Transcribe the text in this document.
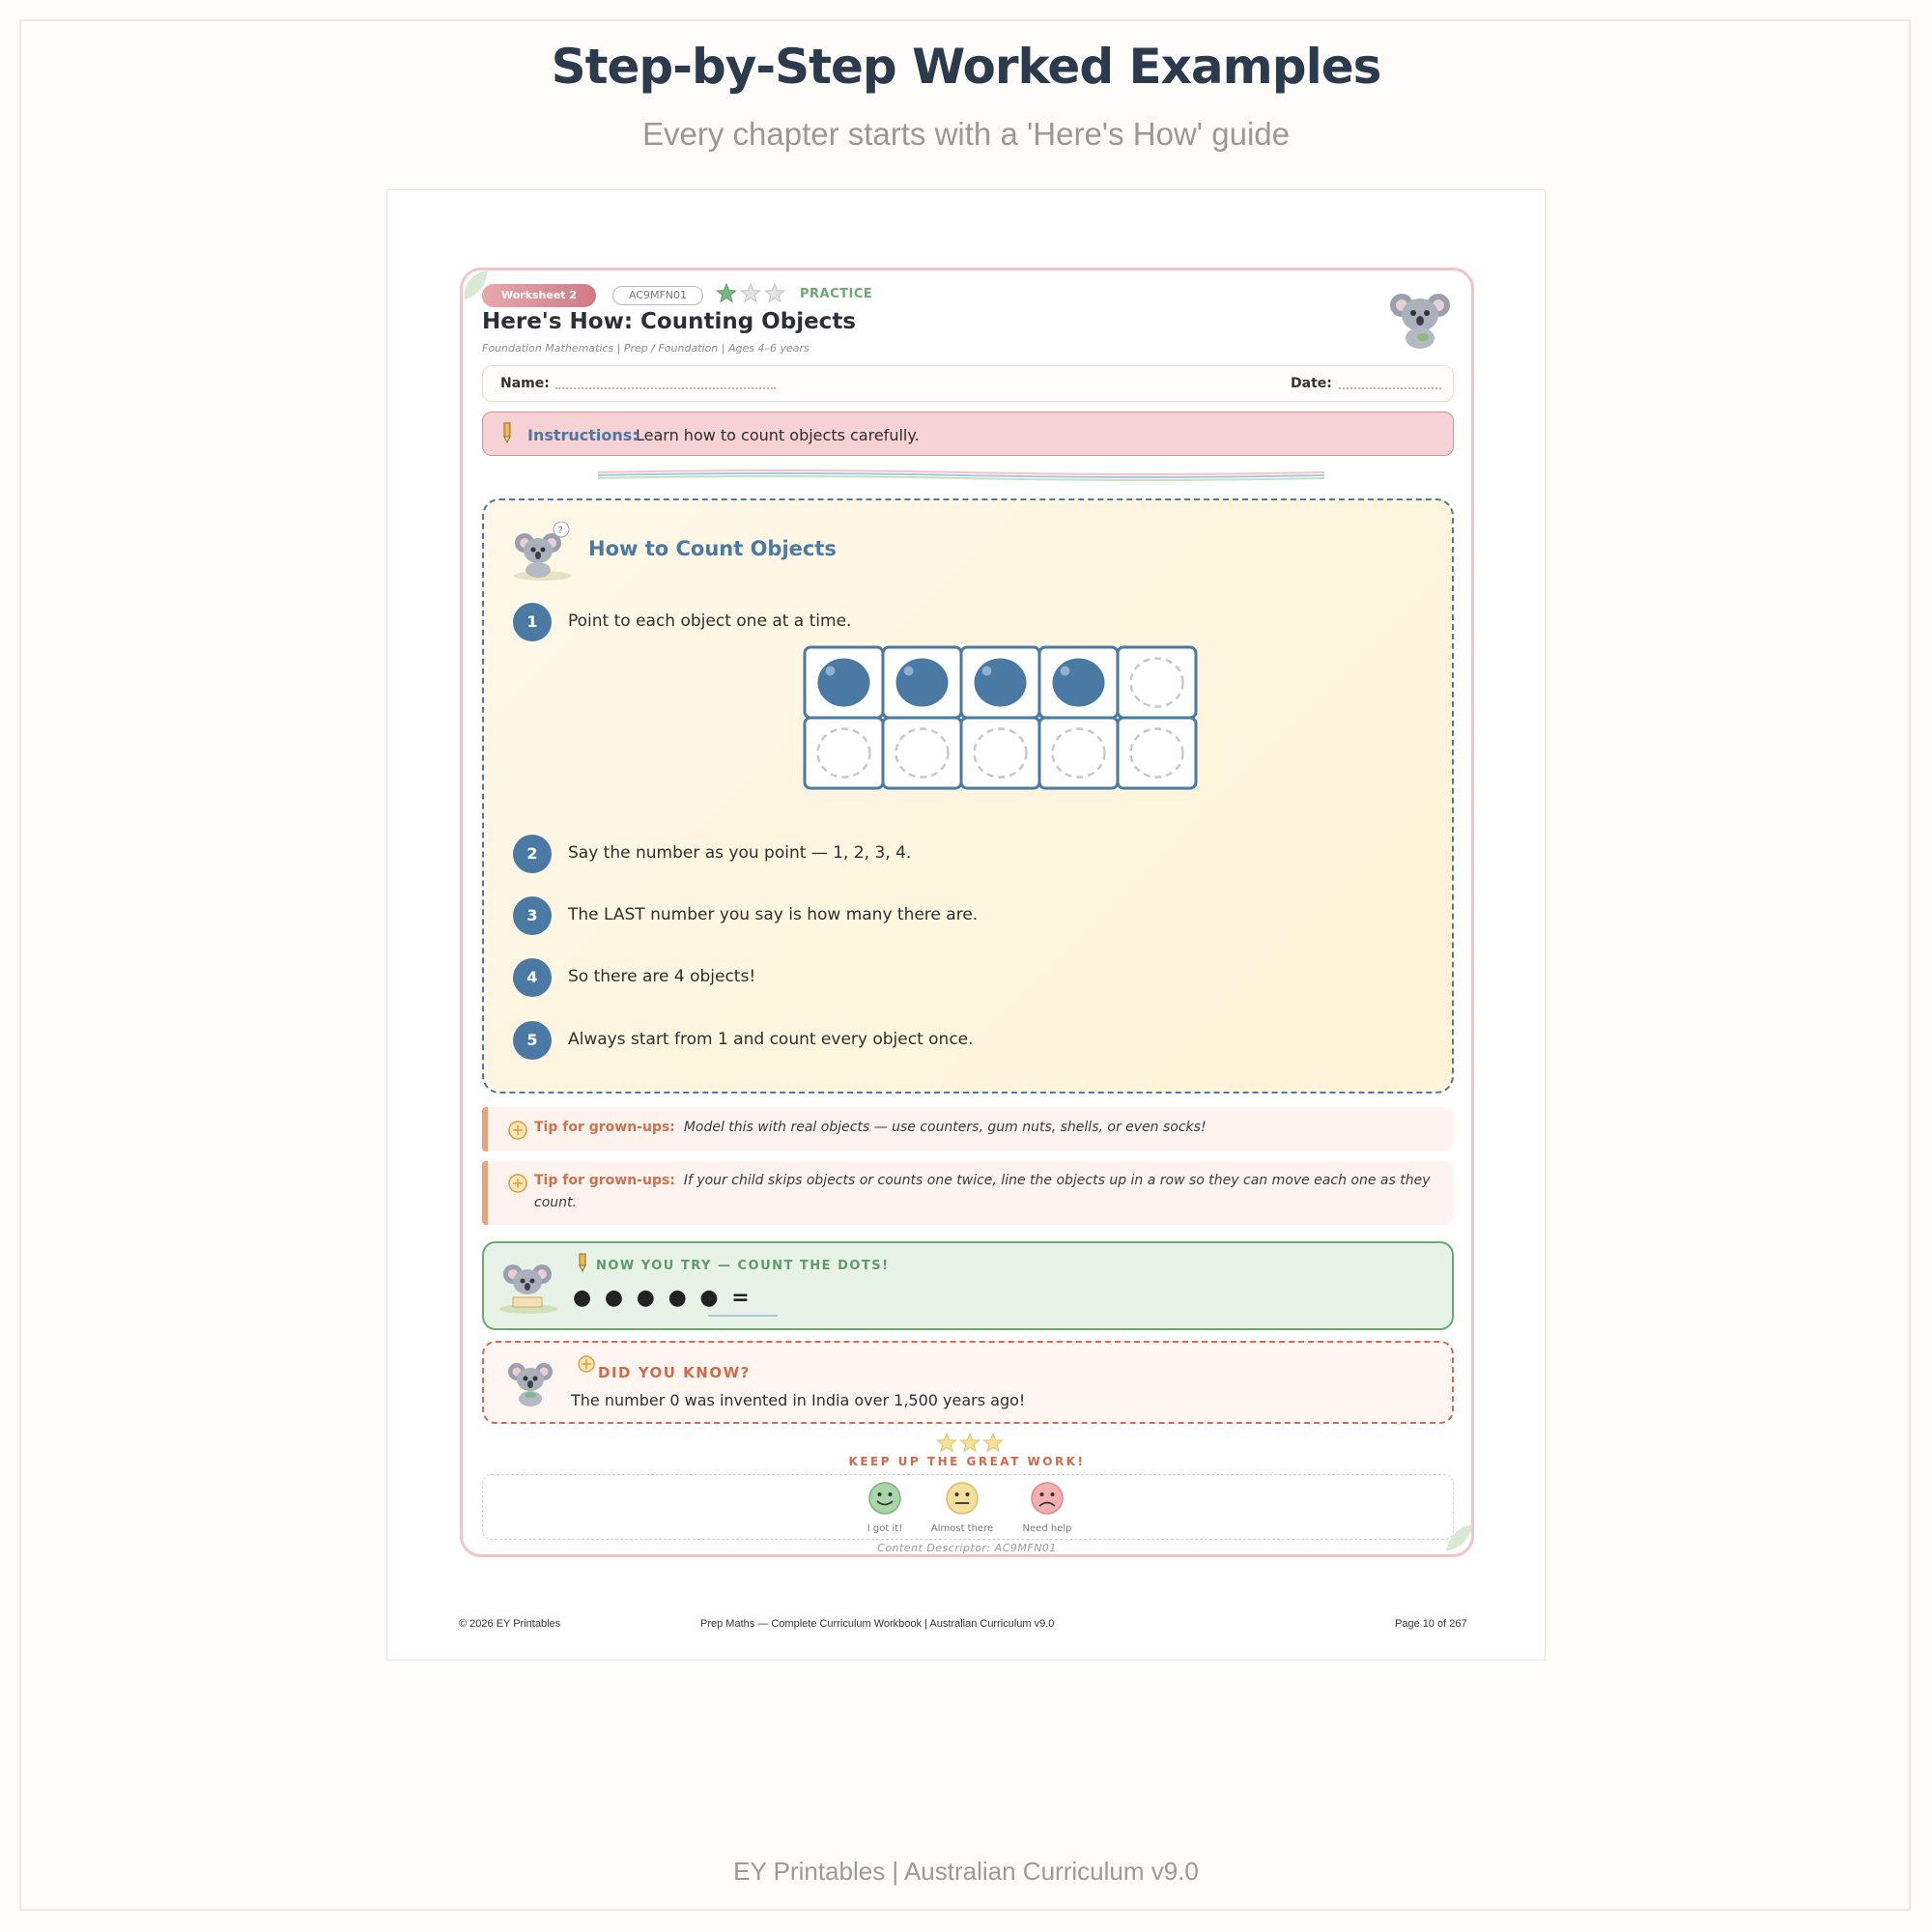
Step-by-Step Worked Examples
Every chapter starts with a 'Here's How' guide
Worksheet 2	AC9MFN01	PRACTICE
Here's How: Counting Objects
Foundation Mathematics | Prep / Foundation | Ages 4–6 years
Name:	Date:
Instructions:
Learn how to count objects carefully.
?
How to Count Objects
1	Point to each object one at a time.
2	Say the number as you point — 1, 2, 3, 4.
3	The LAST number you say is how many there are.
4	So there are 4 objects!
5	Always start from 1 and count every object once.
Tip for grown-ups: Model this with real objects — use counters, gum nuts, shells, or even socks!
Tip for grown-ups: If your child skips objects or counts one twice, line the objects up in a row so they can move each one as they count.
NOW YOU TRY — COUNT THE DOTS!
● ● ● ● ● =
DID YOU KNOW?
The number 0 was invented in India over 1,500 years ago!
KEEP UP THE GREAT WORK!
I got it!	Almost there	Need help
Content Descriptor: AC9MFN01
© 2026 EY Printables	Prep Maths — Complete Curriculum Workbook | Australian Curriculum v9.0	Page 10 of 267
EY Printables | Australian Curriculum v9.0
